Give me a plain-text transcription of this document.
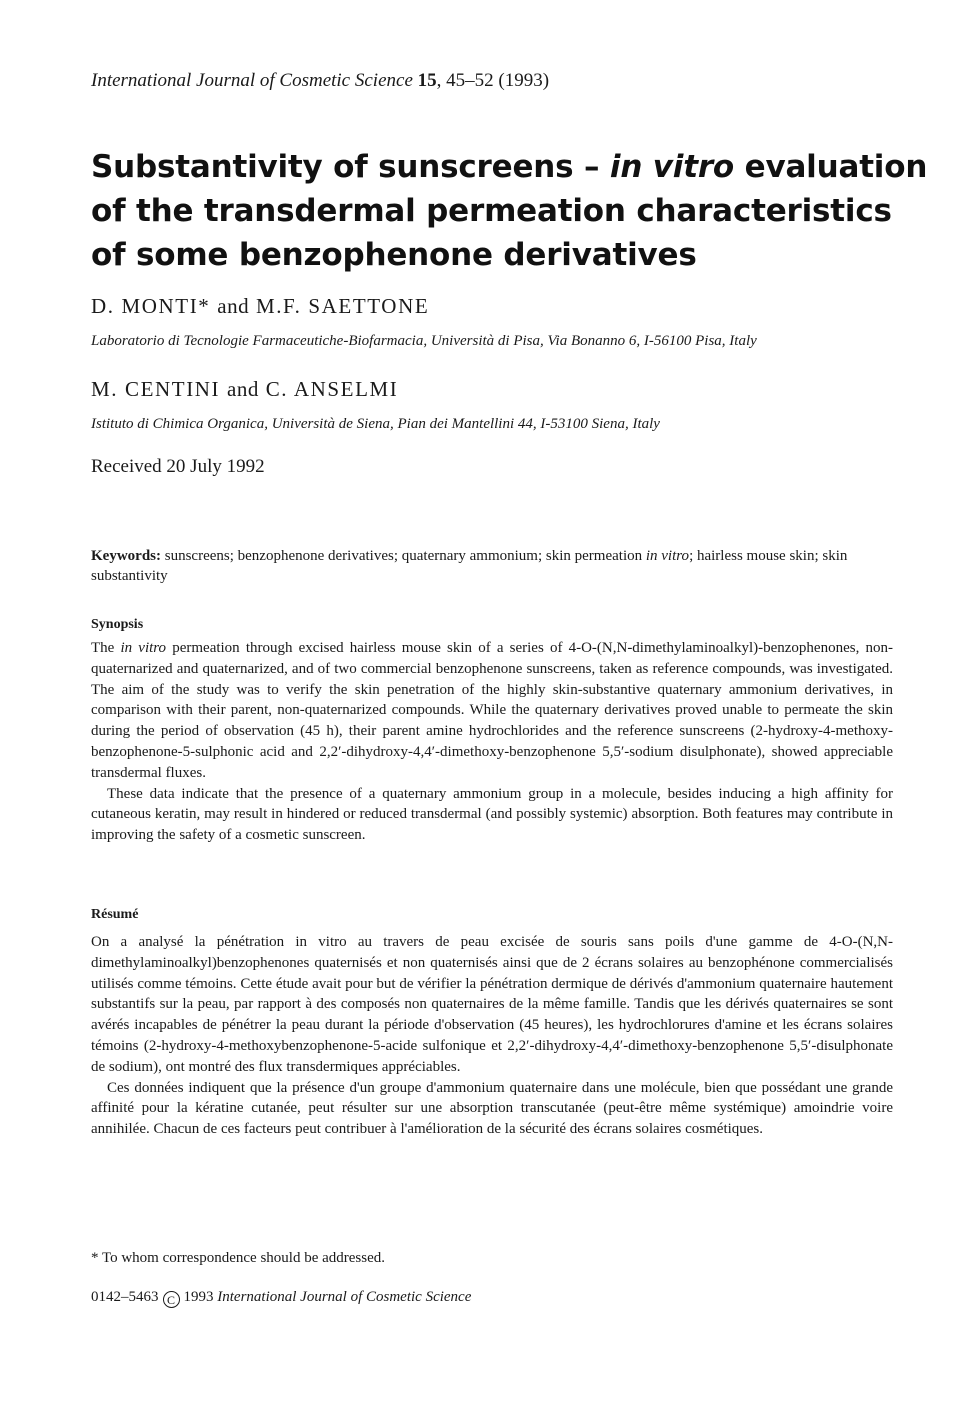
International Journal of Cosmetic Science 15, 45–52 (1993)
Substantivity of sunscreens – in vitro evaluation
of the transdermal permeation characteristics
of some benzophenone derivatives
D. MONTI* and M.F. SAETTONE
Laboratorio di Tecnologie Farmaceutiche-Biofarmacia, Università di Pisa, Via Bonanno 6, I-56100 Pisa, Italy
M. CENTINI and C. ANSELMI
Istituto di Chimica Organica, Università de Siena, Pian dei Mantellini 44, I-53100 Siena, Italy
Received 20 July 1992
Keywords: sunscreens; benzophenone derivatives; quaternary ammonium; skin permeation in vitro; hairless mouse skin; skin substantivity
Synopsis

The in vitro permeation through excised hairless mouse skin of a series of 4-O-(N,N-dimethylaminoalkyl)-benzophenones, non-quaternarized and quaternarized, and of two commercial benzophenone sunscreens, taken as reference compounds, was investigated. The aim of the study was to verify the skin penetration of the highly skin-substantive quaternary ammonium derivatives, in comparison with their parent, non-quaternarized compounds. While the quaternary derivatives proved unable to permeate the skin during the period of observation (45 h), their parent amine hydrochlorides and the reference sunscreens (2-hydroxy-4-methoxy-benzophenone-5-sulphonic acid and 2,2′-dihydroxy-4,4′-dimethoxy-benzophenone 5,5′-sodium disulphonate), showed appreciable transdermal fluxes.

These data indicate that the presence of a quaternary ammonium group in a molecule, besides inducing a high affinity for cutaneous keratin, may result in hindered or reduced transdermal (and possibly systemic) absorption. Both features may contribute in improving the safety of a cosmetic sunscreen.

Résumé

On a analysé la pénétration in vitro au travers de peau excisée de souris sans poils d'une gamme de 4-O-(N,N-dimethylaminoalkyl)benzophenones quaternisés et non quaternisés ainsi que de 2 écrans solaires au benzophénone commercialisés utilisés comme témoins. Cette étude avait pour but de vérifier la pénétration dermique de dérivés d'ammonium quaternaire hautement substantifs sur la peau, par rapport à des composés non quaternaires de la même famille. Tandis que les dérivés quaternaires se sont avérés incapables de pénétrer la peau durant la période d'observation (45 heures), les hydrochlorures d'amine et les écrans solaires témoins (2-hydroxy-4-methoxybenzophenone-5-acide sulfonique et 2,2′-dihydroxy-4,4′-dimethoxy-benzophenone 5,5′-disulphonate de sodium), ont montré des flux transdermiques appréciables.

Ces données indiquent que la présence d'un groupe d'ammonium quaternaire dans une molécule, bien que possédant une grande affinité pour la kératine cutanée, peut résulter sur une absorption transcutanée (peut-être même systémique) amoindrie voire annihilée. Chacun de ces facteurs peut contribuer à l'amélioration de la sécurité des écrans solaires cosmétiques.

* To whom correspondence should be addressed.
0142–5463 C 1993 International Journal of Cosmetic Science
